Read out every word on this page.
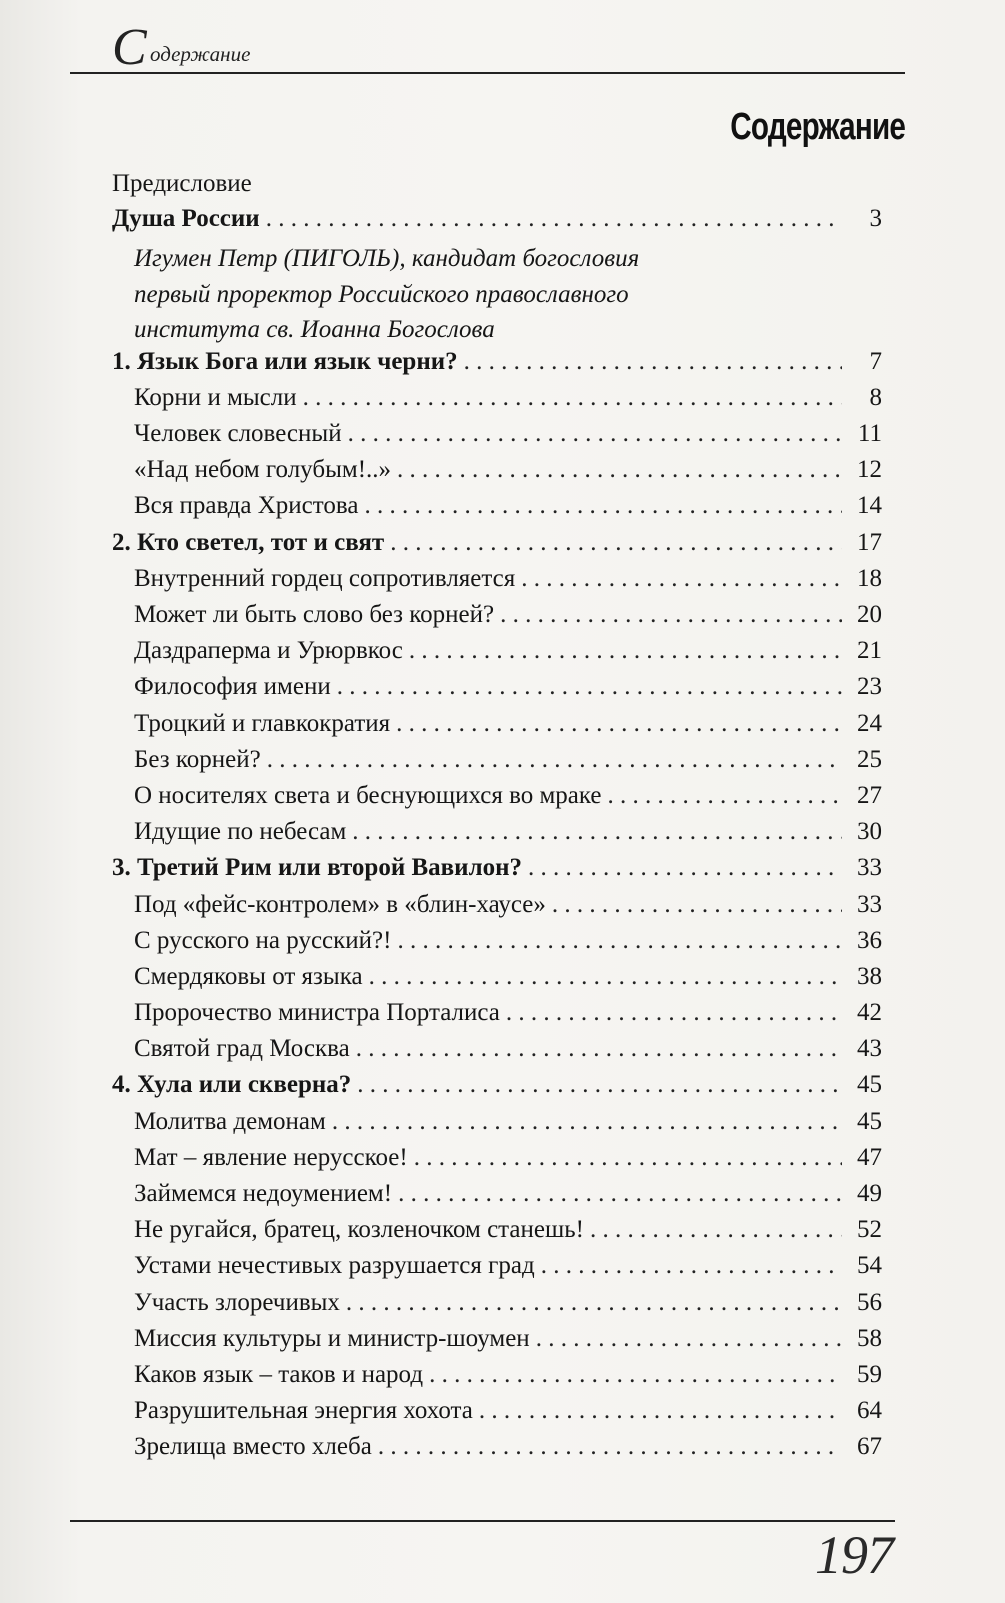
С одержание
Содержание
Предисловие
Душа России . . .	3
Игумен Петр (ПИГОЛЬ), кандидат богословия
первый проректор Российского православного
института св. Иоанна Богослова
1. Язык Бога или язык черни? . . .	7
Корни и мысли . . .	8
Человек словесный . . .	11
«Над небом голубым!..» . . .	12
Вся правда Христова . . .	14
2. Кто светел, тот и свят . . .	17
Внутренний гордец сопротивляется . . .	18
Может ли быть слово без корней? . . .	20
Даздраперма и Урюрвкос . . .	21
Философия имени . . .	23
Троцкий и главкократия . . .	24
Без корней? . . .	25
О носителях света и беснующихся во мраке . . .	27
Идущие по небесам . . .	30
3. Третий Рим или второй Вавилон? . . .	33
Под «фейс-контролем» в «блин-хаусе» . . .	33
С русского на русский?! . . .	36
Смердяковы от языка . . .	38
Пророчество министра Порталиса . . .	42
Святой град Москва . . .	43
4. Хула или скверна? . . .	45
Молитва демонам . . .	45
Мат – явление нерусское! . . .	47
Займемся недоумением! . . .	49
Не ругайся, братец, козленочком станешь! . . .	52
Устами нечестивых разрушается град . . .	54
Участь злоречивых . . .	56
Миссия культуры и министр-шоумен . . .	58
Каков язык – таков и народ . . .	59
Разрушительная энергия хохота . . .	64
Зрелища вместо хлеба . . .	67
197
